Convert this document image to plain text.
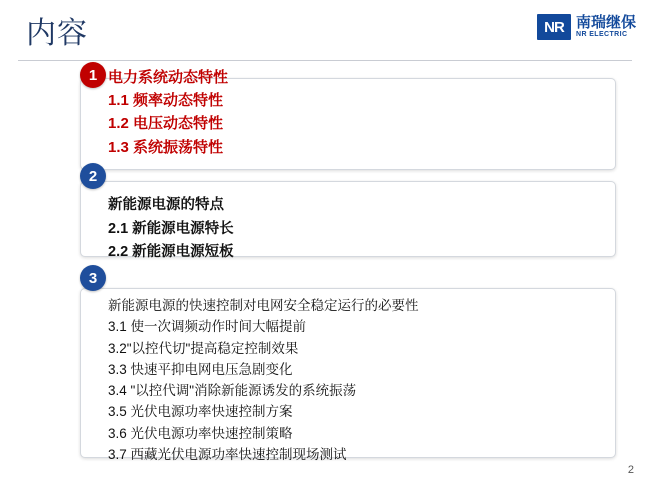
内容	NR 南瑞继保
NR ELECTRIC
1 电力系统动态特性
1.1 频率动态特性
1.2 电压动态特性
1.3 系统振荡特性
2
新能源电源的特点
2.1 新能源电源特长
2.2 新能源电源短板
3
新能源电源的快速控制对电网安全稳定运行的必要性
3.1 使一次调频动作时间大幅提前
3.2"以控代切"提高稳定控制效果
3.3 快速平抑电网电压急剧变化
3.4 "以控代调"消除新能源诱发的系统振荡
3.5 光伏电源功率快速控制方案
3.6 光伏电源功率快速控制策略
3.7 西藏光伏电源功率快速控制现场测试
2
